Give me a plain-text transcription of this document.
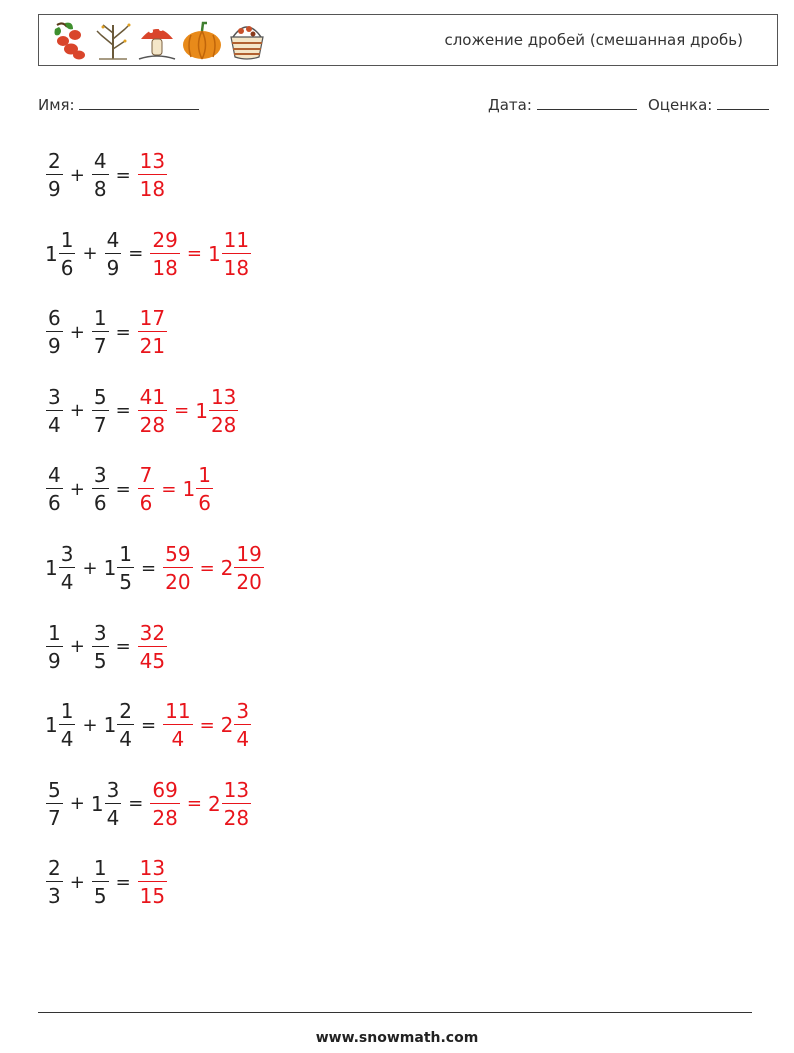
сложение дробей (смешанная дробь)
Имя:	Дата:	Оценка:
$\frac{2}{9} + \frac{4}{8} = \frac{13}{18}$
$1 \frac{1}{6} + \frac{4}{9} = \frac{29}{18} = 1 \frac{11}{18}$
$\frac{6}{9} + \frac{1}{7} = \frac{17}{21}$
$\frac{3}{4} + \frac{5}{7} = \frac{41}{28} = 1 \frac{13}{28}$
$\frac{4}{6} + \frac{3}{6} = \frac{7}{6} = 1 \frac{1}{6}$
$1 \frac{3}{4} + 1 \frac{1}{5} = \frac{59}{20} = 2 \frac{19}{20}$
$\frac{1}{9} + \frac{3}{5} = \frac{32}{45}$
$1 \frac{1}{4} + 1 \frac{2}{4} = \frac{11}{4} = 2 \frac{3}{4}$
$\frac{5}{7} + 1 \frac{3}{4} = \frac{69}{28} = 2 \frac{13}{28}$
$\frac{2}{3} + \frac{1}{5} = \frac{13}{15}$
www.snowmath.com
